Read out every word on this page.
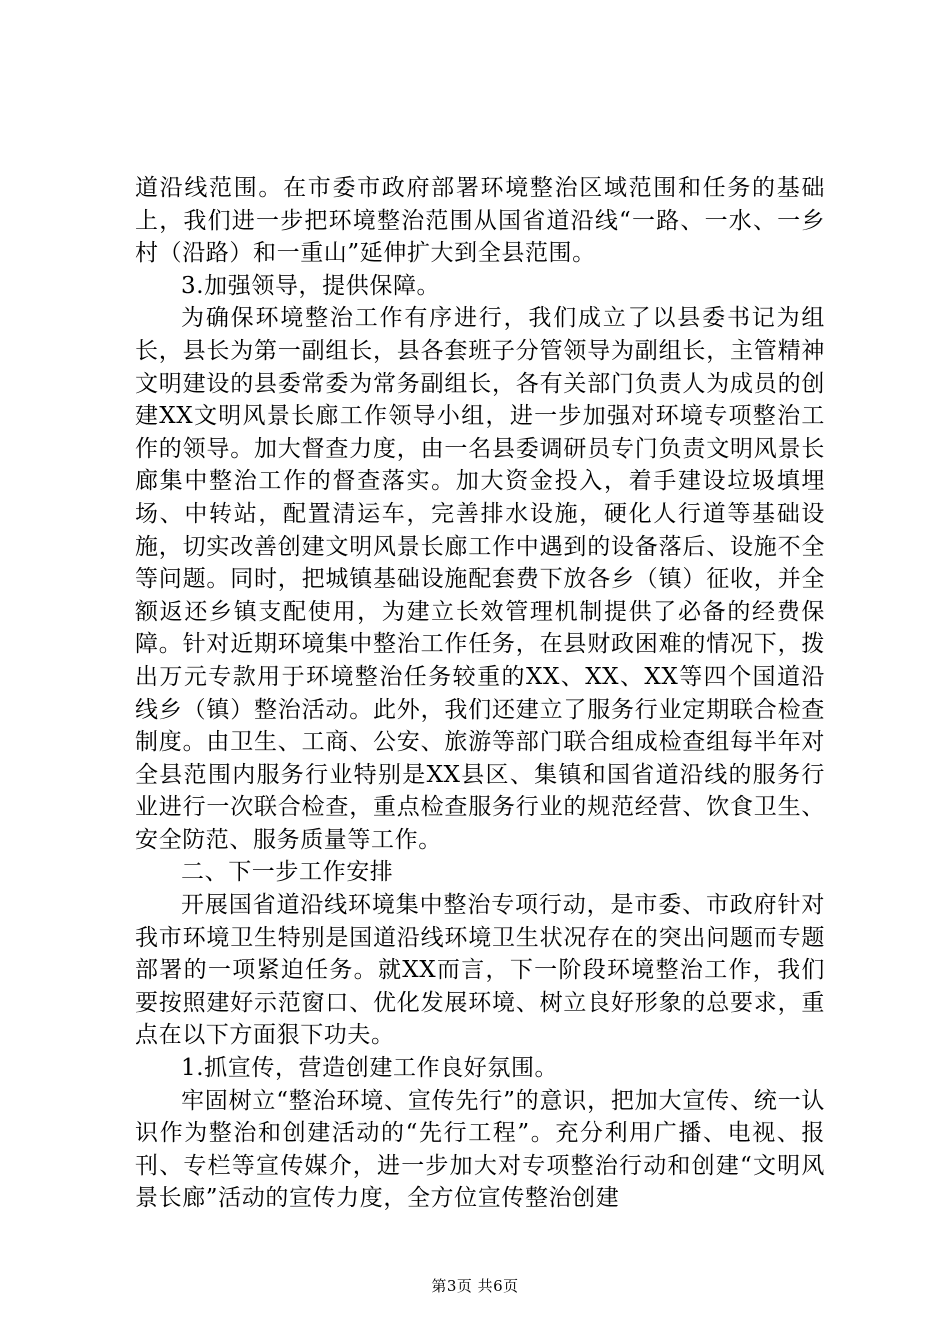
道沿线范围。在市委市政府部署环境整治区域范围和任务的基础上，我们进一步把环境整治范围从国省道沿线“一路、一水、一乡村（沿路）和一重山”延伸扩大到全县范围。

3.加强领导，提供保障。

为确保环境整治工作有序进行，我们成立了以县委书记为组长，县长为第一副组长，县各套班子分管领导为副组长，主管精神文明建设的县委常委为常务副组长，各有关部门负责人为成员的创建XX文明风景长廊工作领导小组，进一步加强对环境专项整治工作的领导。加大督查力度，由一名县委调研员专门负责文明风景长廊集中整治工作的督查落实。加大资金投入，着手建设垃圾填埋场、中转站，配置清运车，完善排水设施，硬化人行道等基础设施，切实改善创建文明风景长廊工作中遇到的设备落后、设施不全等问题。同时，把城镇基础设施配套费下放各乡（镇）征收，并全额返还乡镇支配使用，为建立长效管理机制提供了必备的经费保障。针对近期环境集中整治工作任务，在县财政困难的情况下，拨出万元专款用于环境整治任务较重的XX、XX、XX等四个国道沿线乡（镇）整治活动。此外，我们还建立了服务行业定期联合检查制度。由卫生、工商、公安、旅游等部门联合组成检查组每半年对全县范围内服务行业特别是XX县区、集镇和国省道沿线的服务行业进行一次联合检查，重点检查服务行业的规范经营、饮食卫生、安全防范、服务质量等工作。

二、下一步工作安排

开展国省道沿线环境集中整治专项行动，是市委、市政府针对我市环境卫生特别是国道沿线环境卫生状况存在的突出问题而专题部署的一项紧迫任务。就XX而言，下一阶段环境整治工作，我们要按照建好示范窗口、优化发展环境、树立良好形象的总要求，重点在以下方面狠下功夫。

1.抓宣传，营造创建工作良好氛围。

牢固树立“整治环境、宣传先行”的意识，把加大宣传、统一认识作为整治和创建活动的“先行工程”。充分利用广播、电视、报刊、专栏等宣传媒介，进一步加大对专项整治行动和创建“文明风景长廊”活动的宣传力度，全方位宣传整治创建

第3页 共6页
